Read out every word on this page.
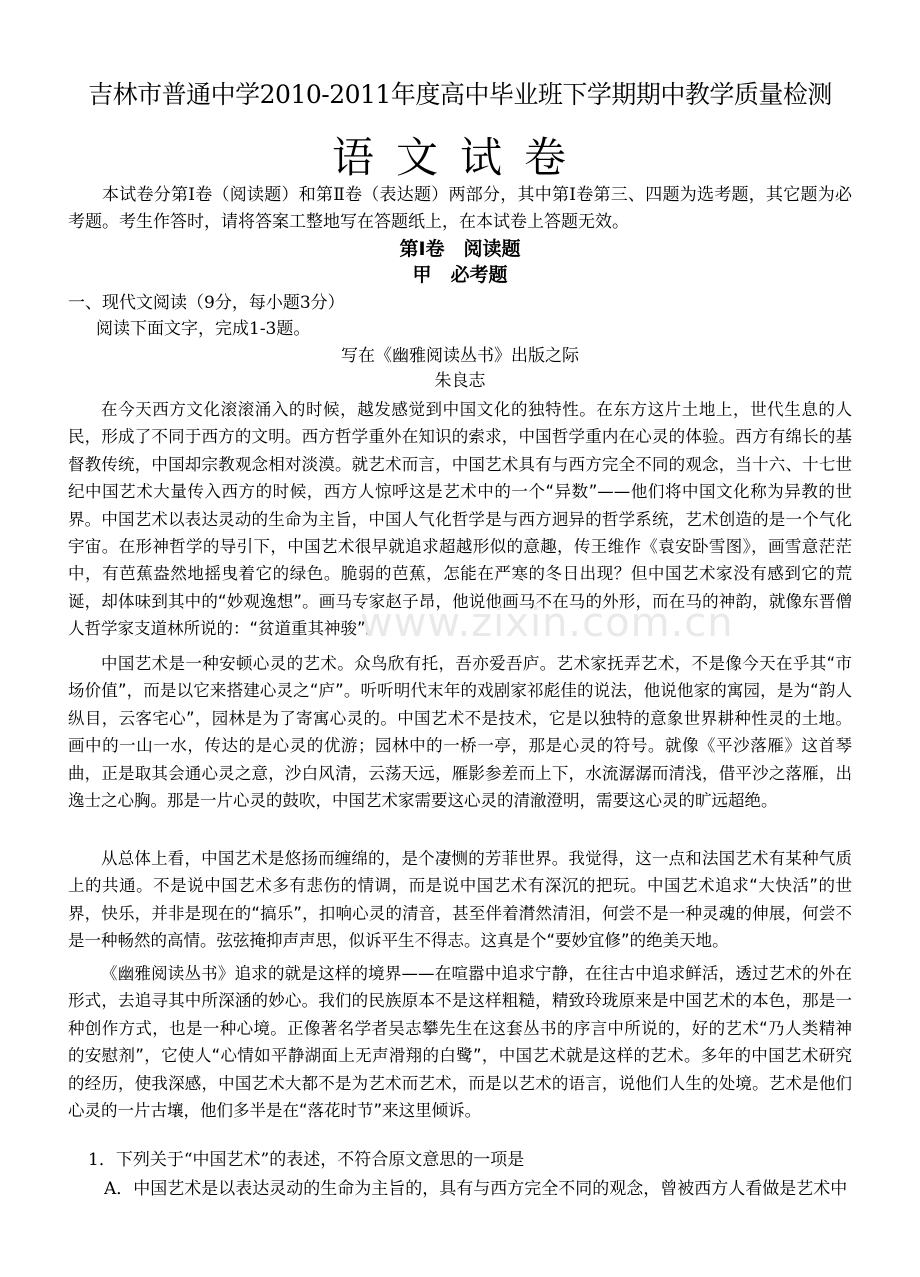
吉林市普通中学2010-2011年度高中毕业班下学期期中教学质量检测
语文试卷

本试卷分第Ⅰ卷（阅读题）和第Ⅱ卷（表达题）两部分，其中第Ⅰ卷第三、四题为选考题，其它题为必考题。考生作答时，请将答案工整地写在答题纸上，在本试卷上答题无效。

第Ⅰ卷　阅读题
甲　必考题
一、现代文阅读（9分，每小题3分）
阅读下面文字，完成1-3题。
写在《幽雅阅读丛书》出版之际
朱良志

在今天西方文化滚滚涌入的时候，越发感觉到中国文化的独特性。在东方这片土地上，世代生息的人民，形成了不同于西方的文明。西方哲学重外在知识的索求，中国哲学重内在心灵的体验。西方有绵长的基督教传统，中国却宗教观念相对淡漠。就艺术而言，中国艺术具有与西方完全不同的观念，当十六、十七世纪中国艺术大量传入西方的时候，西方人惊呼这是艺术中的一个“异数”——他们将中国文化称为异教的世界。中国艺术以表达灵动的生命为主旨，中国人气化哲学是与西方迥异的哲学系统，艺术创造的是一个气化宇宙。在形神哲学的导引下，中国艺术很早就追求超越形似的意趣，传王维作《袁安卧雪图》，画雪意茫茫中，有芭蕉盎然地摇曳着它的绿色。脆弱的芭蕉，怎能在严寒的冬日出现？但中国艺术家没有感到它的荒诞，却体味到其中的“妙观逸想”。画马专家赵子昂，他说他画马不在马的外形，而在马的神韵，就像东晋僧人哲学家支道林所说的：“贫道重其神骏”。

中国艺术是一种安顿心灵的艺术。众鸟欣有托，吾亦爱吾庐。艺术家抚弄艺术，不是像今天在乎其“市场价值”，而是以它来搭建心灵之“庐”。听听明代末年的戏剧家祁彪佳的说法，他说他家的寓园，是为“韵人纵目，云客宅心”，园林是为了寄寓心灵的。中国艺术不是技术，它是以独特的意象世界耕种性灵的土地。画中的一山一水，传达的是心灵的优游；园林中的一桥一亭，那是心灵的符号。就像《平沙落雁》这首琴曲，正是取其会通心灵之意，沙白风清，云荡天远，雁影参差而上下，水流潺潺而清浅，借平沙之落雁，出逸士之心胸。那是一片心灵的鼓吹，中国艺术家需要这心灵的清澈澄明，需要这心灵的旷远超绝。

从总体上看，中国艺术是悠扬而缠绵的，是个凄恻的芳菲世界。我觉得，这一点和法国艺术有某种气质上的共通。不是说中国艺术多有悲伤的情调，而是说中国艺术有深沉的把玩。中国艺术追求“大快活”的世界，快乐，并非是现在的“搞乐”，扣响心灵的清音，甚至伴着潸然清泪，何尝不是一种灵魂的伸展，何尝不是一种畅然的高情。弦弦掩抑声声思，似诉平生不得志。这真是个“要妙宜修”的绝美天地。

《幽雅阅读丛书》追求的就是这样的境界——在喧嚣中追求宁静，在往古中追求鲜活，透过艺术的外在形式，去追寻其中所深涵的妙心。我们的民族原本不是这样粗糙，精致玲珑原来是中国艺术的本色，那是一种创作方式，也是一种心境。正像著名学者吴志攀先生在这套丛书的序言中所说的，好的艺术“乃人类精神的安慰剂”，它使人“心情如平静湖面上无声滑翔的白鹭”，中国艺术就是这样的艺术。多年的中国艺术研究的经历，使我深感，中国艺术大都不是为艺术而艺术，而是以艺术的语言，说他们人生的处境。艺术是他们心灵的一片古壤，他们多半是在“落花时节”来这里倾诉。

1．下列关于“中国艺术”的表述，不符合原文意思的一项是
A．中国艺术是以表达灵动的生命为主旨的，具有与西方完全不同的观念，曾被西方人看做是艺术中
www.zixin.com.cn
